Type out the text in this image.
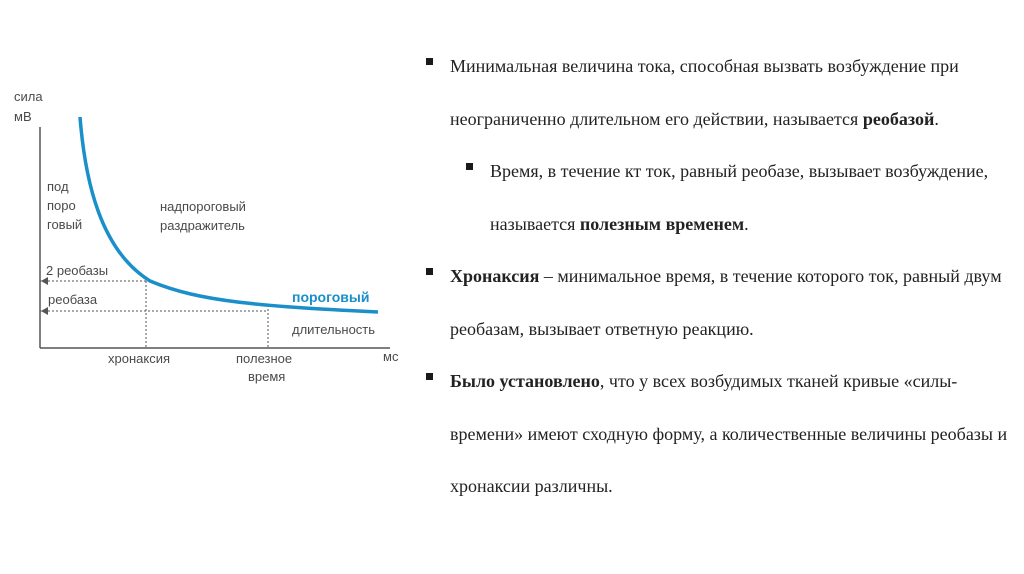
сила
мВ
под
поро
говый
надпороговый
раздражитель
2 реобазы
реобаза	пороговый
длительность
мс
хронаксия	полезное
время
Минимальная величина тока, способная вызвать возбуждение при неограниченно длительном его действии, называется реобазой.
Время, в течение кт ток, равный реобазе, вызывает возбуждение, называется полезным временем.
Хронаксия – минимальное время, в течение которого ток, равный двум реобазам, вызывает ответную реакцию.
Было установлено, что у всех возбудимых тканей кривые «силы-времени» имеют сходную форму, а количественные величины реобазы и хронаксии различны.
